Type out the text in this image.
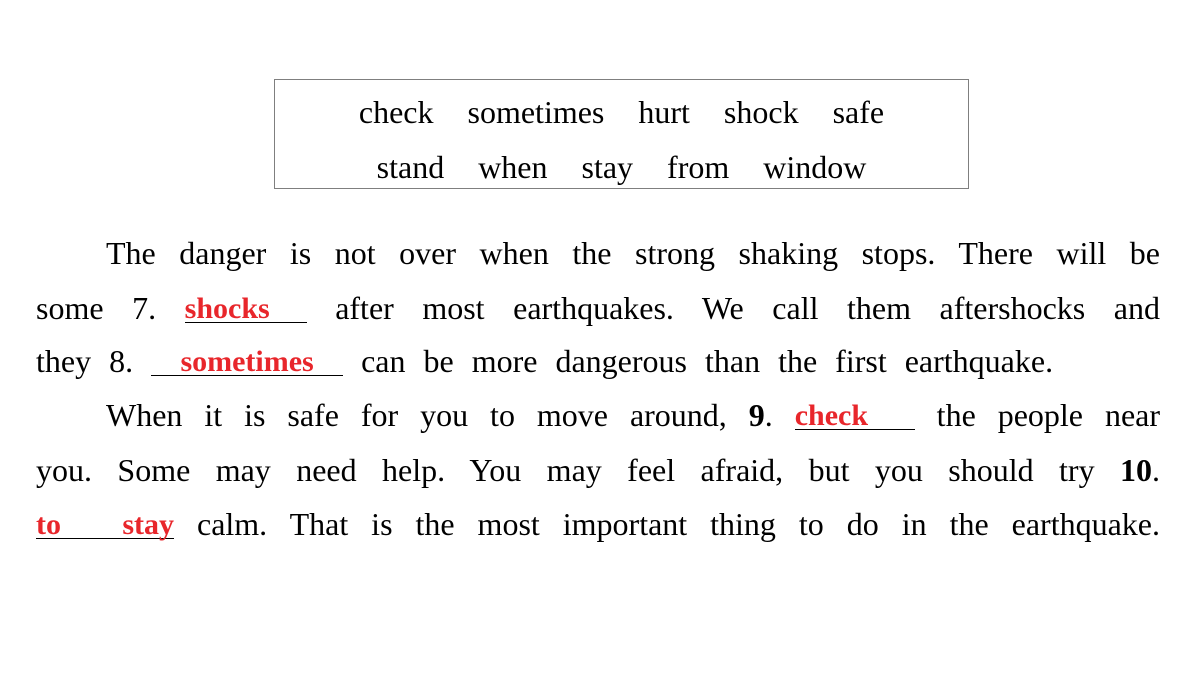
check sometimes hurt shock safe
stand when stay from window
The danger is not over when the strong shaking stops. There will be
some 7. shocks	after most earthquakes. We call them aftershocks and
they 8.	sometimes	can be more dangerous than the first earthquake.
When it is safe for you to move around, 9. check	the people near
you. Some may need help. You may feel afraid, but you should try 10.
to stay calm. That is the most important thing to do in the earthquake.
